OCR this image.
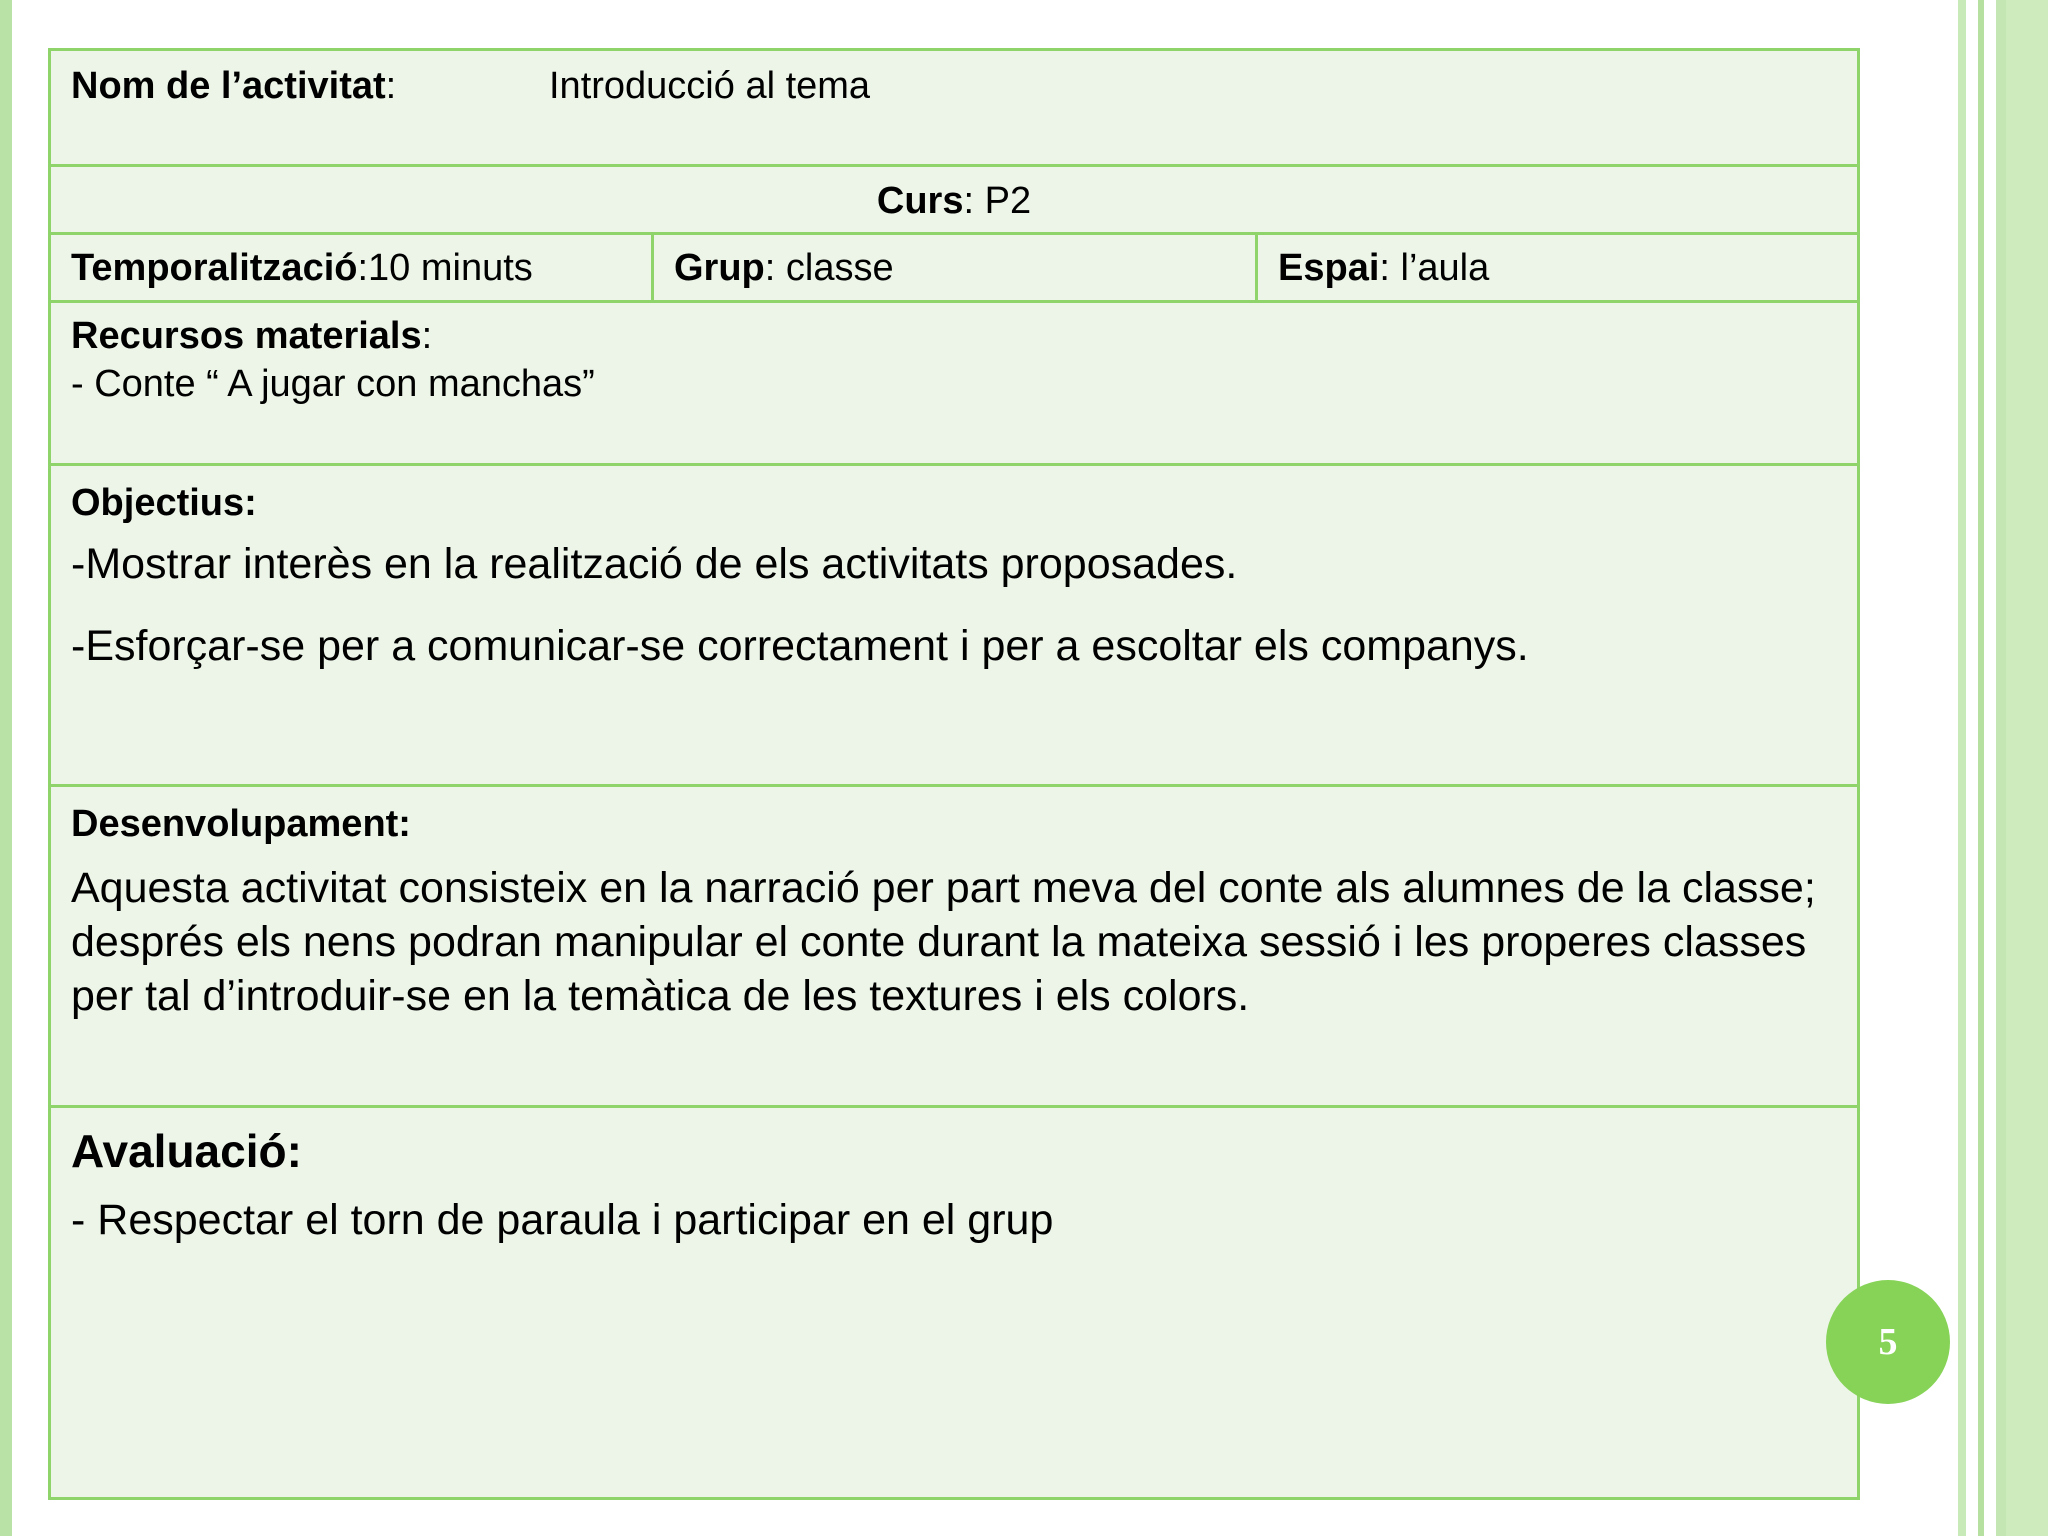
Nom de l’activitat:	Introducció al tema
Curs: P2
Temporalització:10 minuts	Grup: classe	Espai: l’aula
Recursos materials:
- Conte “ A jugar con manchas”
Objectius:
-Mostrar interès en la realització de els activitats proposades.
-Esforçar-se per a comunicar-se correctament i per a escoltar els companys.
Desenvolupament:
Aquesta activitat consisteix en la narració per part meva del conte als alumnes de la classe; després els nens podran manipular el conte durant la mateixa sessió i les properes classes per tal d’introduir-se en la temàtica de les textures i els colors.
Avaluació:
- Respectar el torn de paraula i participar en el grup
5
